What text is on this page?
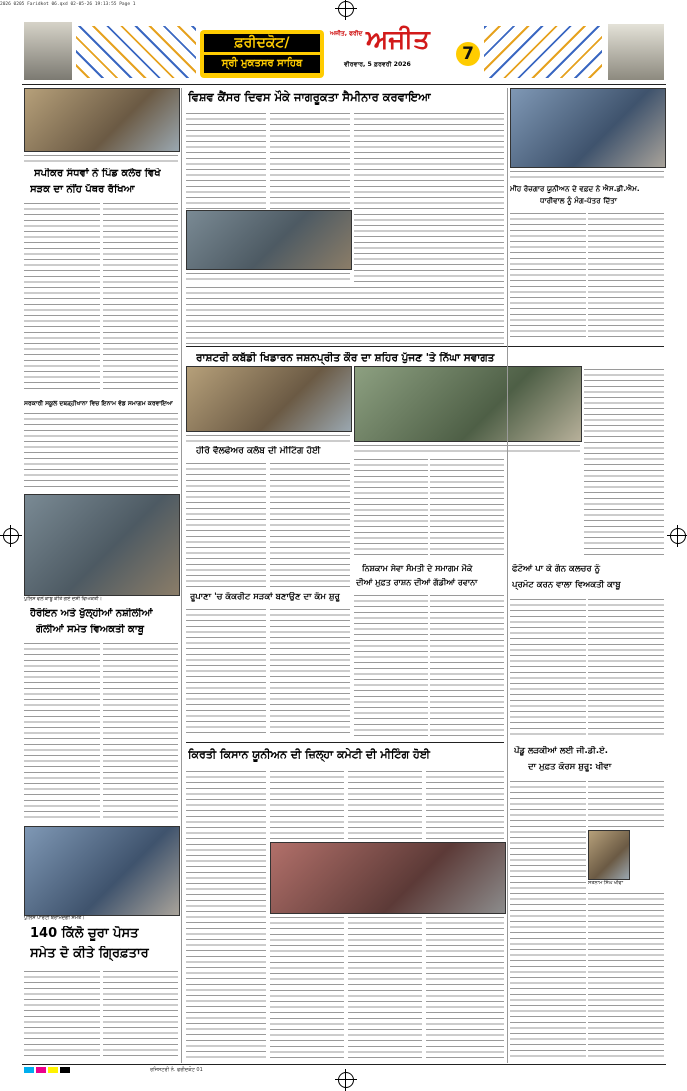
2026 0205 Faridkot 06.qxd 02-05-26 19:13:55 Page 1
ਫ਼ਰੀਦਕੋਟ/
ਸ੍ਰੀ ਮੁਕਤਸਰ ਸਾਹਿਬ
ਅਜੀਤ, ਫਰੀਦ ਅਜੀਤ
ਵੀਰਵਾਰ, 5 ਫ਼ਰਵਰੀ 2026
7
ਸਪੀਕਰ ਸੰਧਵਾਂ ਨੇ ਪਿੰਡ ਕਲੇਰ ਵਿਖੇ
ਸੜਕ ਦਾ ਨੀਂਹ ਪੱਥਰ ਰੱਖਿਆ
ਸਰਕਾਰੀ ਸਕੂਲ ਦਬੜ੍ਹੀਖਾਨਾ ਵਿਚ ਇਨਾਮ ਵੰਡ ਸਮਾਗਮ ਕਰਵਾਇਆ
ਪੁਲਿਸ ਵਲੋਂ ਕਾਬੂ ਕੀਤੇ ਗਏ ਦੋਸ਼ੀ ਵਿਅਕਤੀ।
ਹੈਰੋਇਨ ਅਤੇ ਖੁੱਲ੍ਹੀਆਂ ਨਸ਼ੀਲੀਆਂ
ਗੋਲੀਆਂ ਸਮੇਤ ਵਿਅਕਤੀ ਕਾਬੂ
ਪੁਲਿਸ ਪਾਰਟੀ ਬਰਾਮਦਗੀ ਸਮੇਤ।
140 ਕਿੱਲੋ ਚੂਰਾ ਪੋਸਤ
ਸਮੇਤ ਦੋ ਕੀਤੇ ਗ੍ਰਿਫ਼ਤਾਰ
ਵਿਸ਼ਵ ਕੈਂਸਰ ਦਿਵਸ ਮੌਕੇ ਜਾਗਰੂਕਤਾ ਸੈਮੀਨਾਰ ਕਰਵਾਇਆ
ਰਾਸ਼ਟਰੀ ਕਬੱਡੀ ਖਿਡਾਰਨ ਜਸ਼ਨਪ੍ਰੀਤ ਕੌਰ ਦਾ ਸ਼ਹਿਰ ਪੁੱਜਣ 'ਤੇ ਨਿੱਘਾ ਸਵਾਗਤ
ਹੀਰੋ ਵੈਲਫੇਅਰ ਕਲੱਬ ਦੀ ਮੀਟਿੰਗ ਹੋਈ
ਰੂਪਾਣਾ 'ਚ ਕੰਕਰੀਟ ਸੜਕਾਂ ਬਣਾਉਣ ਦਾ ਕੰਮ ਸ਼ੁਰੂ
ਨਿਸ਼ਕਾਮ ਸੇਵਾ ਸੰਮਤੀ ਦੇ ਸਮਾਗਮ ਮੌਕੇ
ਦੀਆਂ ਮੁਫ਼ਤ ਰਾਸ਼ਨ ਦੀਆਂ ਗੱਡੀਆਂ ਰਵਾਨਾ
ਕਿਰਤੀ ਕਿਸਾਨ ਯੂਨੀਅਨ ਦੀ ਜ਼ਿਲ੍ਹਾ ਕਮੇਟੀ ਦੀ ਮੀਟਿੰਗ ਹੋਈ
ਮੀਂਹ ਰੋਜ਼ਗਾਰ ਯੂਨੀਅਨ ਦੇ ਵਫ਼ਦ ਨੇ ਐਸ.ਡੀ.ਐਮ.
ਧਾਰੀਵਾਲ ਨੂੰ ਮੰਗ-ਪੱਤਰ ਦਿੱਤਾ
ਫੋਟੋਆਂ ਪਾ ਕੇ ਗੰਨ ਕਲਚਰ ਨੂੰ
ਪ੍ਰਮੋਟ ਕਰਨ ਵਾਲਾ ਵਿਅਕਤੀ ਕਾਬੂ
ਪੇਂਡੂ ਲੜਕੀਆਂ ਲਈ ਜੀ.ਡੀ.ਏ.
ਦਾ ਮੁਫ਼ਤ ਕੋਰਸ ਸ਼ੁਰੂ: ਖੀਵਾ
ਸਤਨਾਮ ਸਿੰਘ ਖੀਵਾ
ਰਜਿਸਟਰੀ ਨੰ. ਫਰੀਦਕੋਟ 01
